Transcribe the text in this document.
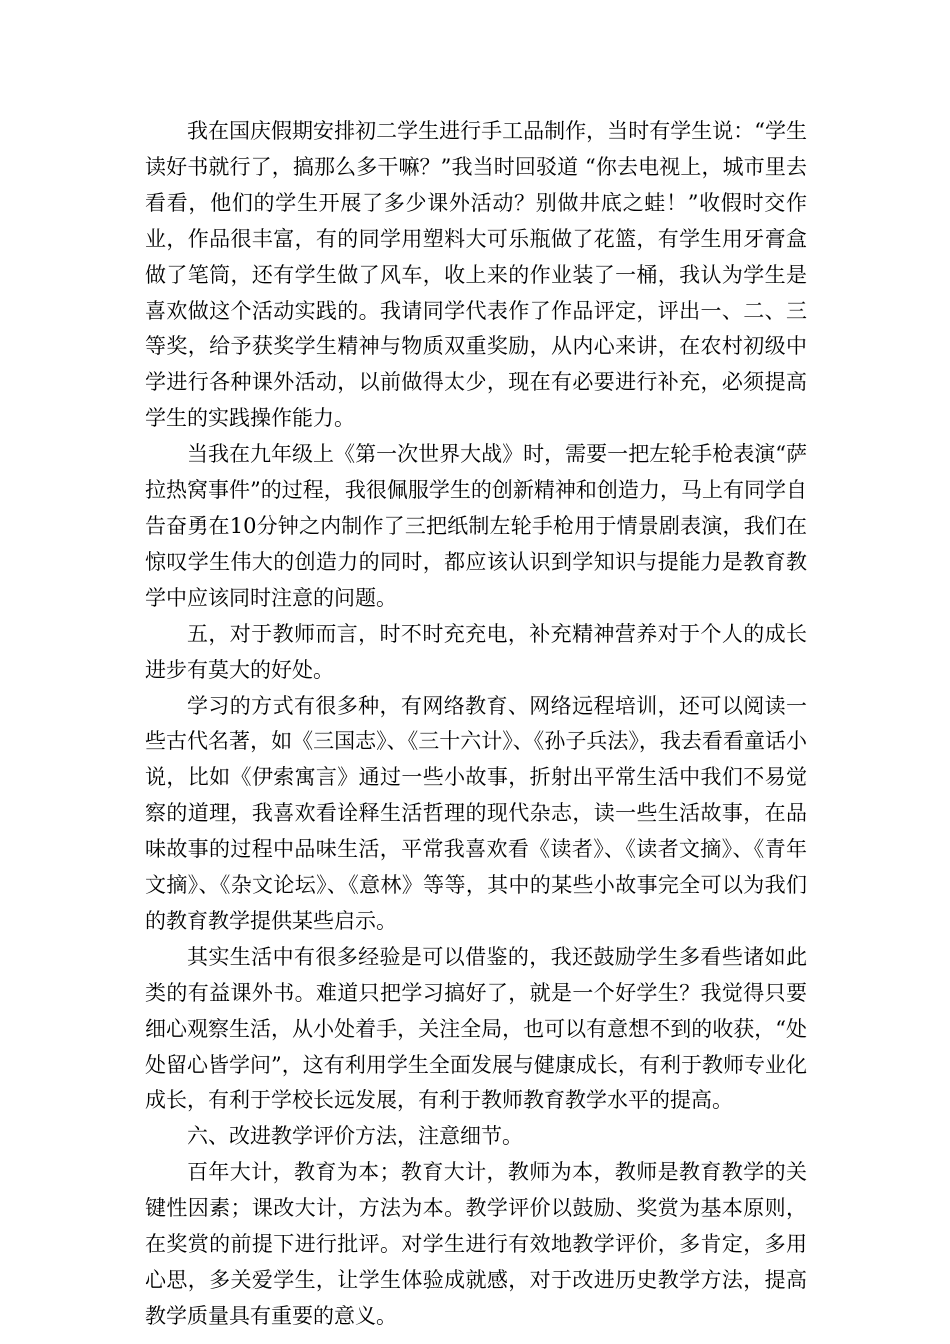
我在国庆假期安排初二学生进行手工品制作，当时有学生说：“学生读好书就行了，搞那么多干嘛？”我当时回驳道 “你去电视上，城市里去看看，他们的学生开展了多少课外活动？别做井底之蛙！”收假时交作业，作品很丰富，有的同学用塑料大可乐瓶做了花篮，有学生用牙膏盒做了笔筒，还有学生做了风车，收上来的作业装了一桶，我认为学生是喜欢做这个活动实践的。我请同学代表作了作品评定，评出一、二、三等奖，给予获奖学生精神与物质双重奖励，从内心来讲，在农村初级中学进行各种课外活动，以前做得太少，现在有必要进行补充，必须提高学生的实践操作能力。

当我在九年级上《第一次世界大战》时，需要一把左轮手枪表演“萨拉热窝事件”的过程，我很佩服学生的创新精神和创造力，马上有同学自告奋勇在10分钟之内制作了三把纸制左轮手枪用于情景剧表演，我们在惊叹学生伟大的创造力的同时，都应该认识到学知识与提能力是教育教学中应该同时注意的问题。

五，对于教师而言，时不时充充电，补充精神营养对于个人的成长进步有莫大的好处。

学习的方式有很多种，有网络教育、网络远程培训，还可以阅读一些古代名著，如《三国志》、《三十六计》、《孙子兵法》，我去看看童话小说，比如《伊索寓言》通过一些小故事，折射出平常生活中我们不易觉察的道理，我喜欢看诠释生活哲理的现代杂志，读一些生活故事，在品味故事的过程中品味生活，平常我喜欢看《读者》、《读者文摘》、《青年文摘》、《杂文论坛》、《意林》等等，其中的某些小故事完全可以为我们的教育教学提供某些启示。

其实生活中有很多经验是可以借鉴的，我还鼓励学生多看些诸如此类的有益课外书。难道只把学习搞好了，就是一个好学生？我觉得只要细心观察生活，从小处着手，关注全局，也可以有意想不到的收获，“处处留心皆学问”，这有利用学生全面发展与健康成长，有利于教师专业化成长，有利于学校长远发展，有利于教师教育教学水平的提高。

六、改进教学评价方法，注意细节。

百年大计，教育为本；教育大计，教师为本，教师是教育教学的关键性因素；课改大计，方法为本。教学评价以鼓励、奖赏为基本原则，在奖赏的前提下进行批评。对学生进行有效地教学评价，多肯定，多用心思，多关爱学生，让学生体验成就感，对于改进历史教学方法，提高教学质量具有重要的意义。
